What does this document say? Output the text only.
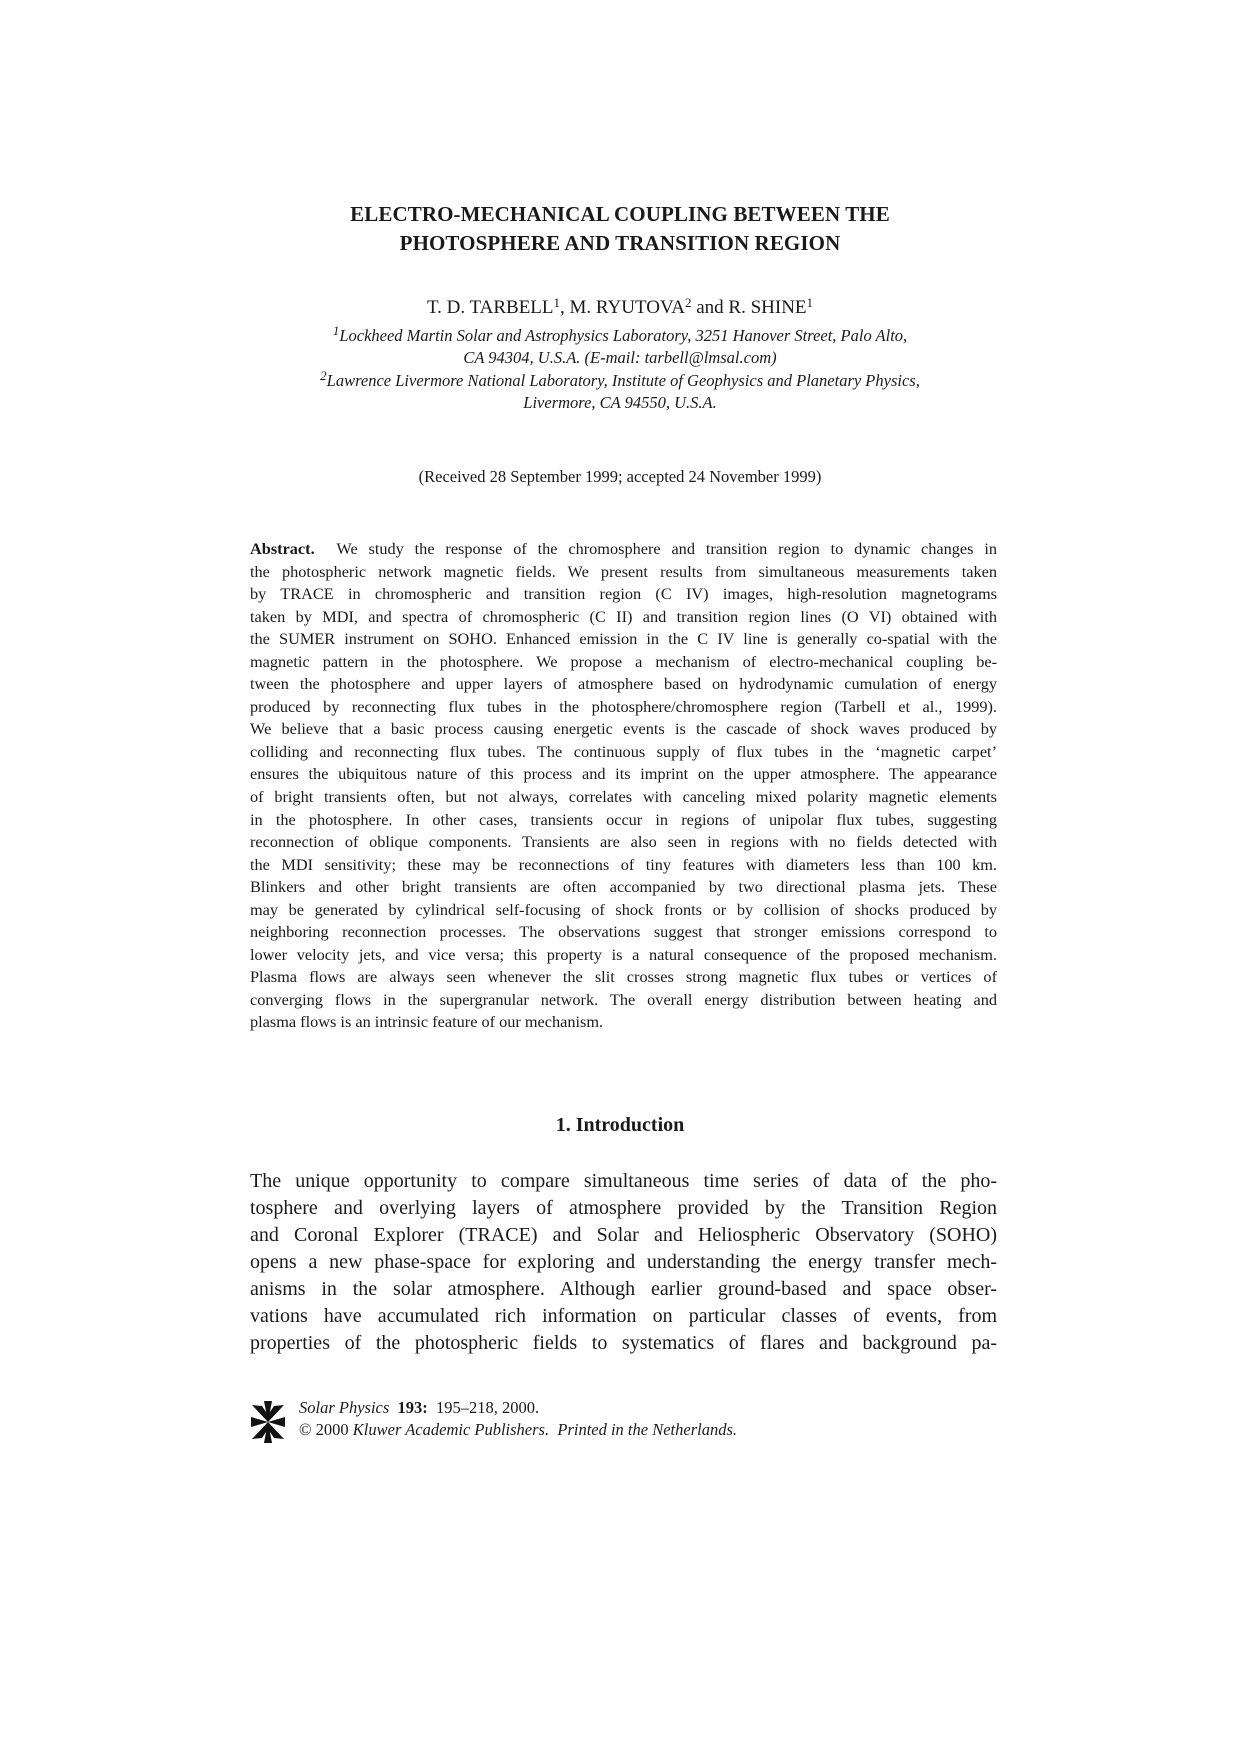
ELECTRO-MECHANICAL COUPLING BETWEEN THE
PHOTOSPHERE AND TRANSITION REGION
T. D. TARBELL$^1$, M. RYUTOVA$^2$ and R. SHINE$^1$
$^1$Lockheed Martin Solar and Astrophysics Laboratory, 3251 Hanover Street, Palo Alto,
CA 94304, U.S.A. (E-mail: tarbell@lmsal.com)
$^2$Lawrence Livermore National Laboratory, Institute of Geophysics and Planetary Physics,
Livermore, CA 94550, U.S.A.
(Received 28 September 1999; accepted 24 November 1999)
Abstract. We study the response of the chromosphere and transition region to dynamic changes in
the photospheric network magnetic fields. We present results from simultaneous measurements taken
by TRACE in chromospheric and transition region (C IV) images, high-resolution magnetograms
taken by MDI, and spectra of chromospheric (C II) and transition region lines (O VI) obtained with
the SUMER instrument on SOHO. Enhanced emission in the C IV line is generally co-spatial with the
magnetic pattern in the photosphere. We propose a mechanism of electro-mechanical coupling be-
tween the photosphere and upper layers of atmosphere based on hydrodynamic cumulation of energy
produced by reconnecting flux tubes in the photosphere/chromosphere region (Tarbell et al., 1999).
We believe that a basic process causing energetic events is the cascade of shock waves produced by
colliding and reconnecting flux tubes. The continuous supply of flux tubes in the ‘magnetic carpet’
ensures the ubiquitous nature of this process and its imprint on the upper atmosphere. The appearance
of bright transients often, but not always, correlates with canceling mixed polarity magnetic elements
in the photosphere. In other cases, transients occur in regions of unipolar flux tubes, suggesting
reconnection of oblique components. Transients are also seen in regions with no fields detected with
the MDI sensitivity; these may be reconnections of tiny features with diameters less than 100 km.
Blinkers and other bright transients are often accompanied by two directional plasma jets. These
may be generated by cylindrical self-focusing of shock fronts or by collision of shocks produced by
neighboring reconnection processes. The observations suggest that stronger emissions correspond to
lower velocity jets, and vice versa; this property is a natural consequence of the proposed mechanism.
Plasma flows are always seen whenever the slit crosses strong magnetic flux tubes or vertices of
converging flows in the supergranular network. The overall energy distribution between heating and
plasma flows is an intrinsic feature of our mechanism.
1. Introduction
The unique opportunity to compare simultaneous time series of data of the pho-
tosphere and overlying layers of atmosphere provided by the Transition Region
and Coronal Explorer (TRACE) and Solar and Heliospheric Observatory (SOHO)
opens a new phase-space for exploring and understanding the energy transfer mech-
anisms in the solar atmosphere. Although earlier ground-based and space obser-
vations have accumulated rich information on particular classes of events, from
properties of the photospheric fields to systematics of flares and background pa-
Solar Physics 193: 195–218, 2000.
© 2000 Kluwer Academic Publishers. Printed in the Netherlands.
